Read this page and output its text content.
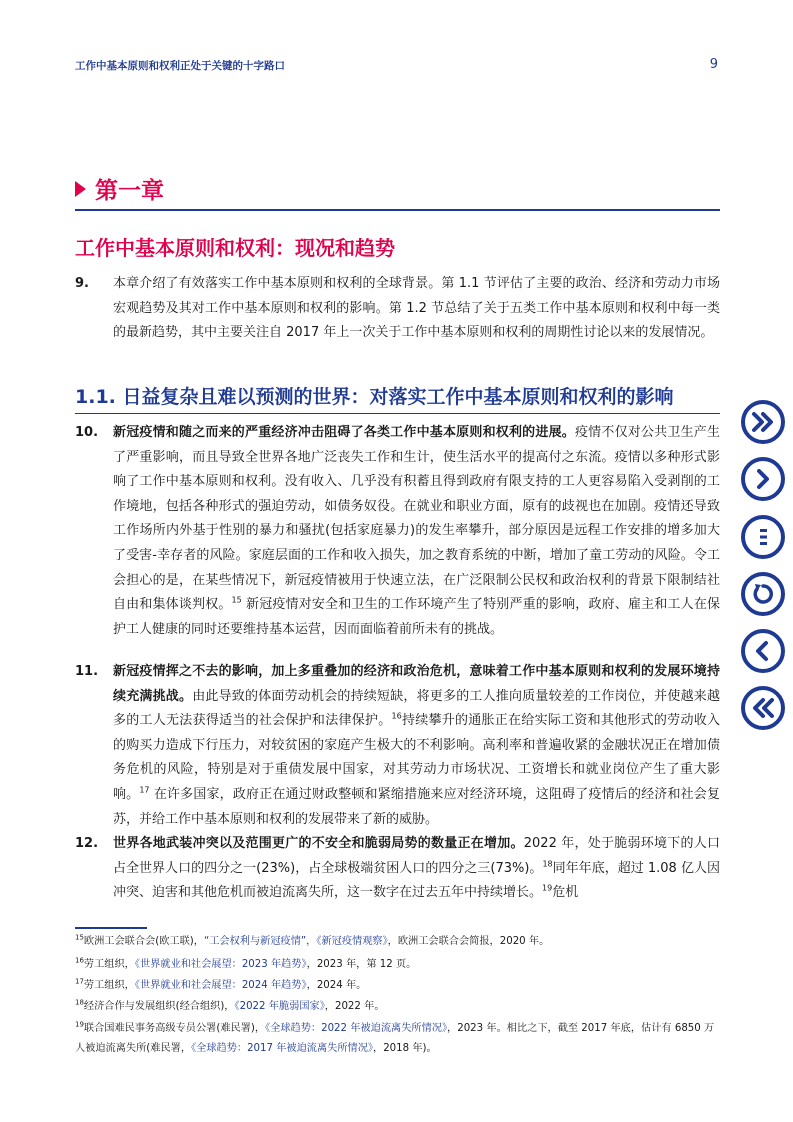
工作中基本原则和权利正处于关键的十字路口	9
第一章
工作中基本原则和权利：现况和趋势
9.	本章介绍了有效落实工作中基本原则和权利的全球背景。第 1.1 节评估了主要的政治、经济和劳动力市场宏观趋势及其对工作中基本原则和权利的影响。第 1.2 节总结了关于五类工作中基本原则和权利中每一类的最新趋势，其中主要关注自 2017 年上一次关于工作中基本原则和权利的周期性讨论以来的发展情况。
1.1. 日益复杂且难以预测的世界：对落实工作中基本原则和权利的影响
10.	新冠疫情和随之而来的严重经济冲击阻碍了各类工作中基本原则和权利的进展。疫情不仅对公共卫生产生了严重影响，而且导致全世界各地广泛丧失工作和生计，使生活水平的提高付之东流。疫情以多种形式影响了工作中基本原则和权利。没有收入、几乎没有积蓄且得到政府有限支持的工人更容易陷入受剥削的工作境地，包括各种形式的强迫劳动，如债务奴役。在就业和职业方面，原有的歧视也在加剧。疫情还导致工作场所内外基于性别的暴力和骚扰(包括家庭暴力)的发生率攀升，部分原因是远程工作安排的增多加大了受害-幸存者的风险。家庭层面的工作和收入损失，加之教育系统的中断，增加了童工劳动的风险。令工会担心的是，在某些情况下，新冠疫情被用于快速立法，在广泛限制公民权和政治权利的背景下限制结社自由和集体谈判权。$^{15}$ 新冠疫情对安全和卫生的工作环境产生了特别严重的影响，政府、雇主和工人在保护工人健康的同时还要维持基本运营，因而面临着前所未有的挑战。
11.	新冠疫情挥之不去的影响，加上多重叠加的经济和政治危机，意味着工作中基本原则和权利的发展环境持续充满挑战。由此导致的体面劳动机会的持续短缺，将更多的工人推向质量较差的工作岗位，并使越来越多的工人无法获得适当的社会保护和法律保护。$^{16}$持续攀升的通胀正在给实际工资和其他形式的劳动收入的购买力造成下行压力，对较贫困的家庭产生极大的不利影响。高利率和普遍收紧的金融状况正在增加债务危机的风险，特别是对于重债发展中国家，对其劳动力市场状况、工资增长和就业岗位产生了重大影响。$^{17}$ 在许多国家，政府正在通过财政整顿和紧缩措施来应对经济环境，这阻碍了疫情后的经济和社会复苏，并给工作中基本原则和权利的发展带来了新的威胁。
12.	世界各地武装冲突以及范围更广的不安全和脆弱局势的数量正在增加。2022 年，处于脆弱环境下的人口占全世界人口的四分之一(23%)，占全球极端贫困人口的四分之三(73%)。$^{18}$同年年底，超过 1.08 亿人因冲突、迫害和其他危机而被迫流离失所，这一数字在过去五年中持续增长。$^{19}$危机
$^{15}$欧洲工会联合会(欧工联)，“工会权利与新冠疫情”，《新冠疫情观察》，欧洲工会联合会简报，2020 年。
$^{16}$劳工组织，《世界就业和社会展望：2023 年趋势》，2023 年，第 12 页。
$^{17}$劳工组织，《世界就业和社会展望：2024 年趋势》，2024 年。
$^{18}$经济合作与发展组织(经合组织)，《2022 年脆弱国家》，2022 年。
$^{19}$联合国难民事务高级专员公署(难民署)，《全球趋势：2022 年被迫流离失所情况》，2023 年。相比之下，截至 2017 年底，估计有 6850 万人被迫流离失所(难民署，《全球趋势：2017 年被迫流离失所情况》，2018 年)。
